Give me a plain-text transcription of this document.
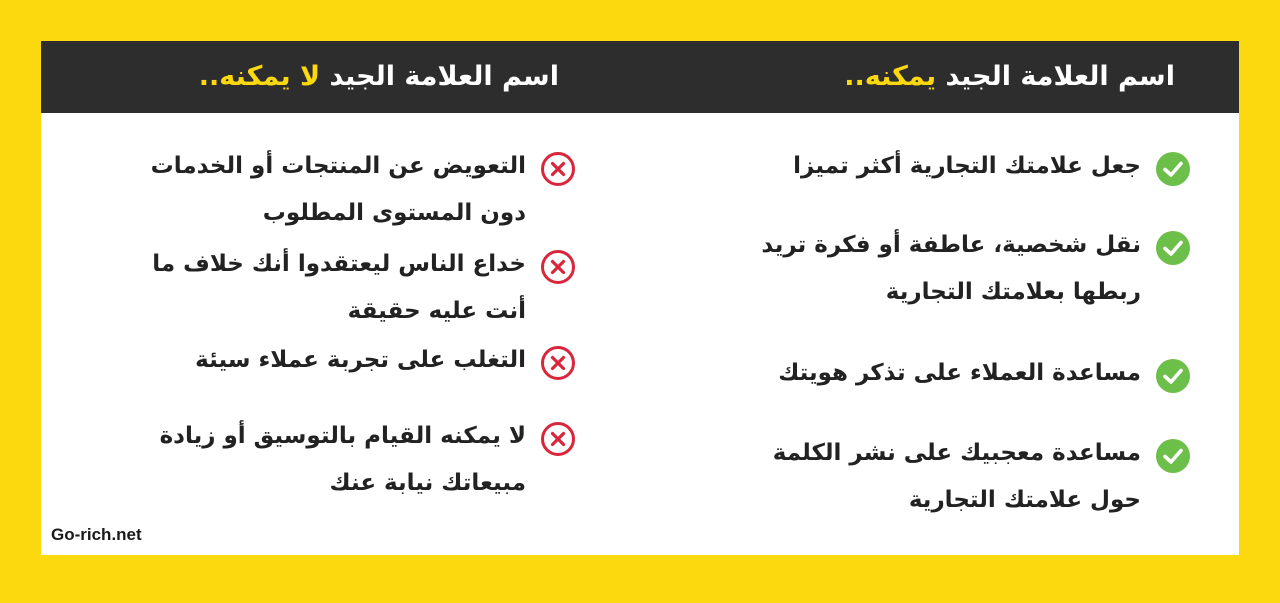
اسم العلامة الجيد يمكنه..
اسم العلامة الجيد لا يمكنه..
جعل علامتك التجارية أكثر تميزا
نقل شخصية، عاطفة أو فكرة تريد ربطها بعلامتك التجارية
مساعدة العملاء على تذكر هويتك
مساعدة معجبيك على نشر الكلمة حول علامتك التجارية
التعويض عن المنتجات أو الخدمات دون المستوى المطلوب
خداع الناس ليعتقدوا أنك خلاف ما أنت عليه حقيقة
التغلب على تجربة عملاء سيئة
لا يمكنه القيام بالتوسيق أو زيادة مبيعاتك نيابة عنك
Go-rich.net
